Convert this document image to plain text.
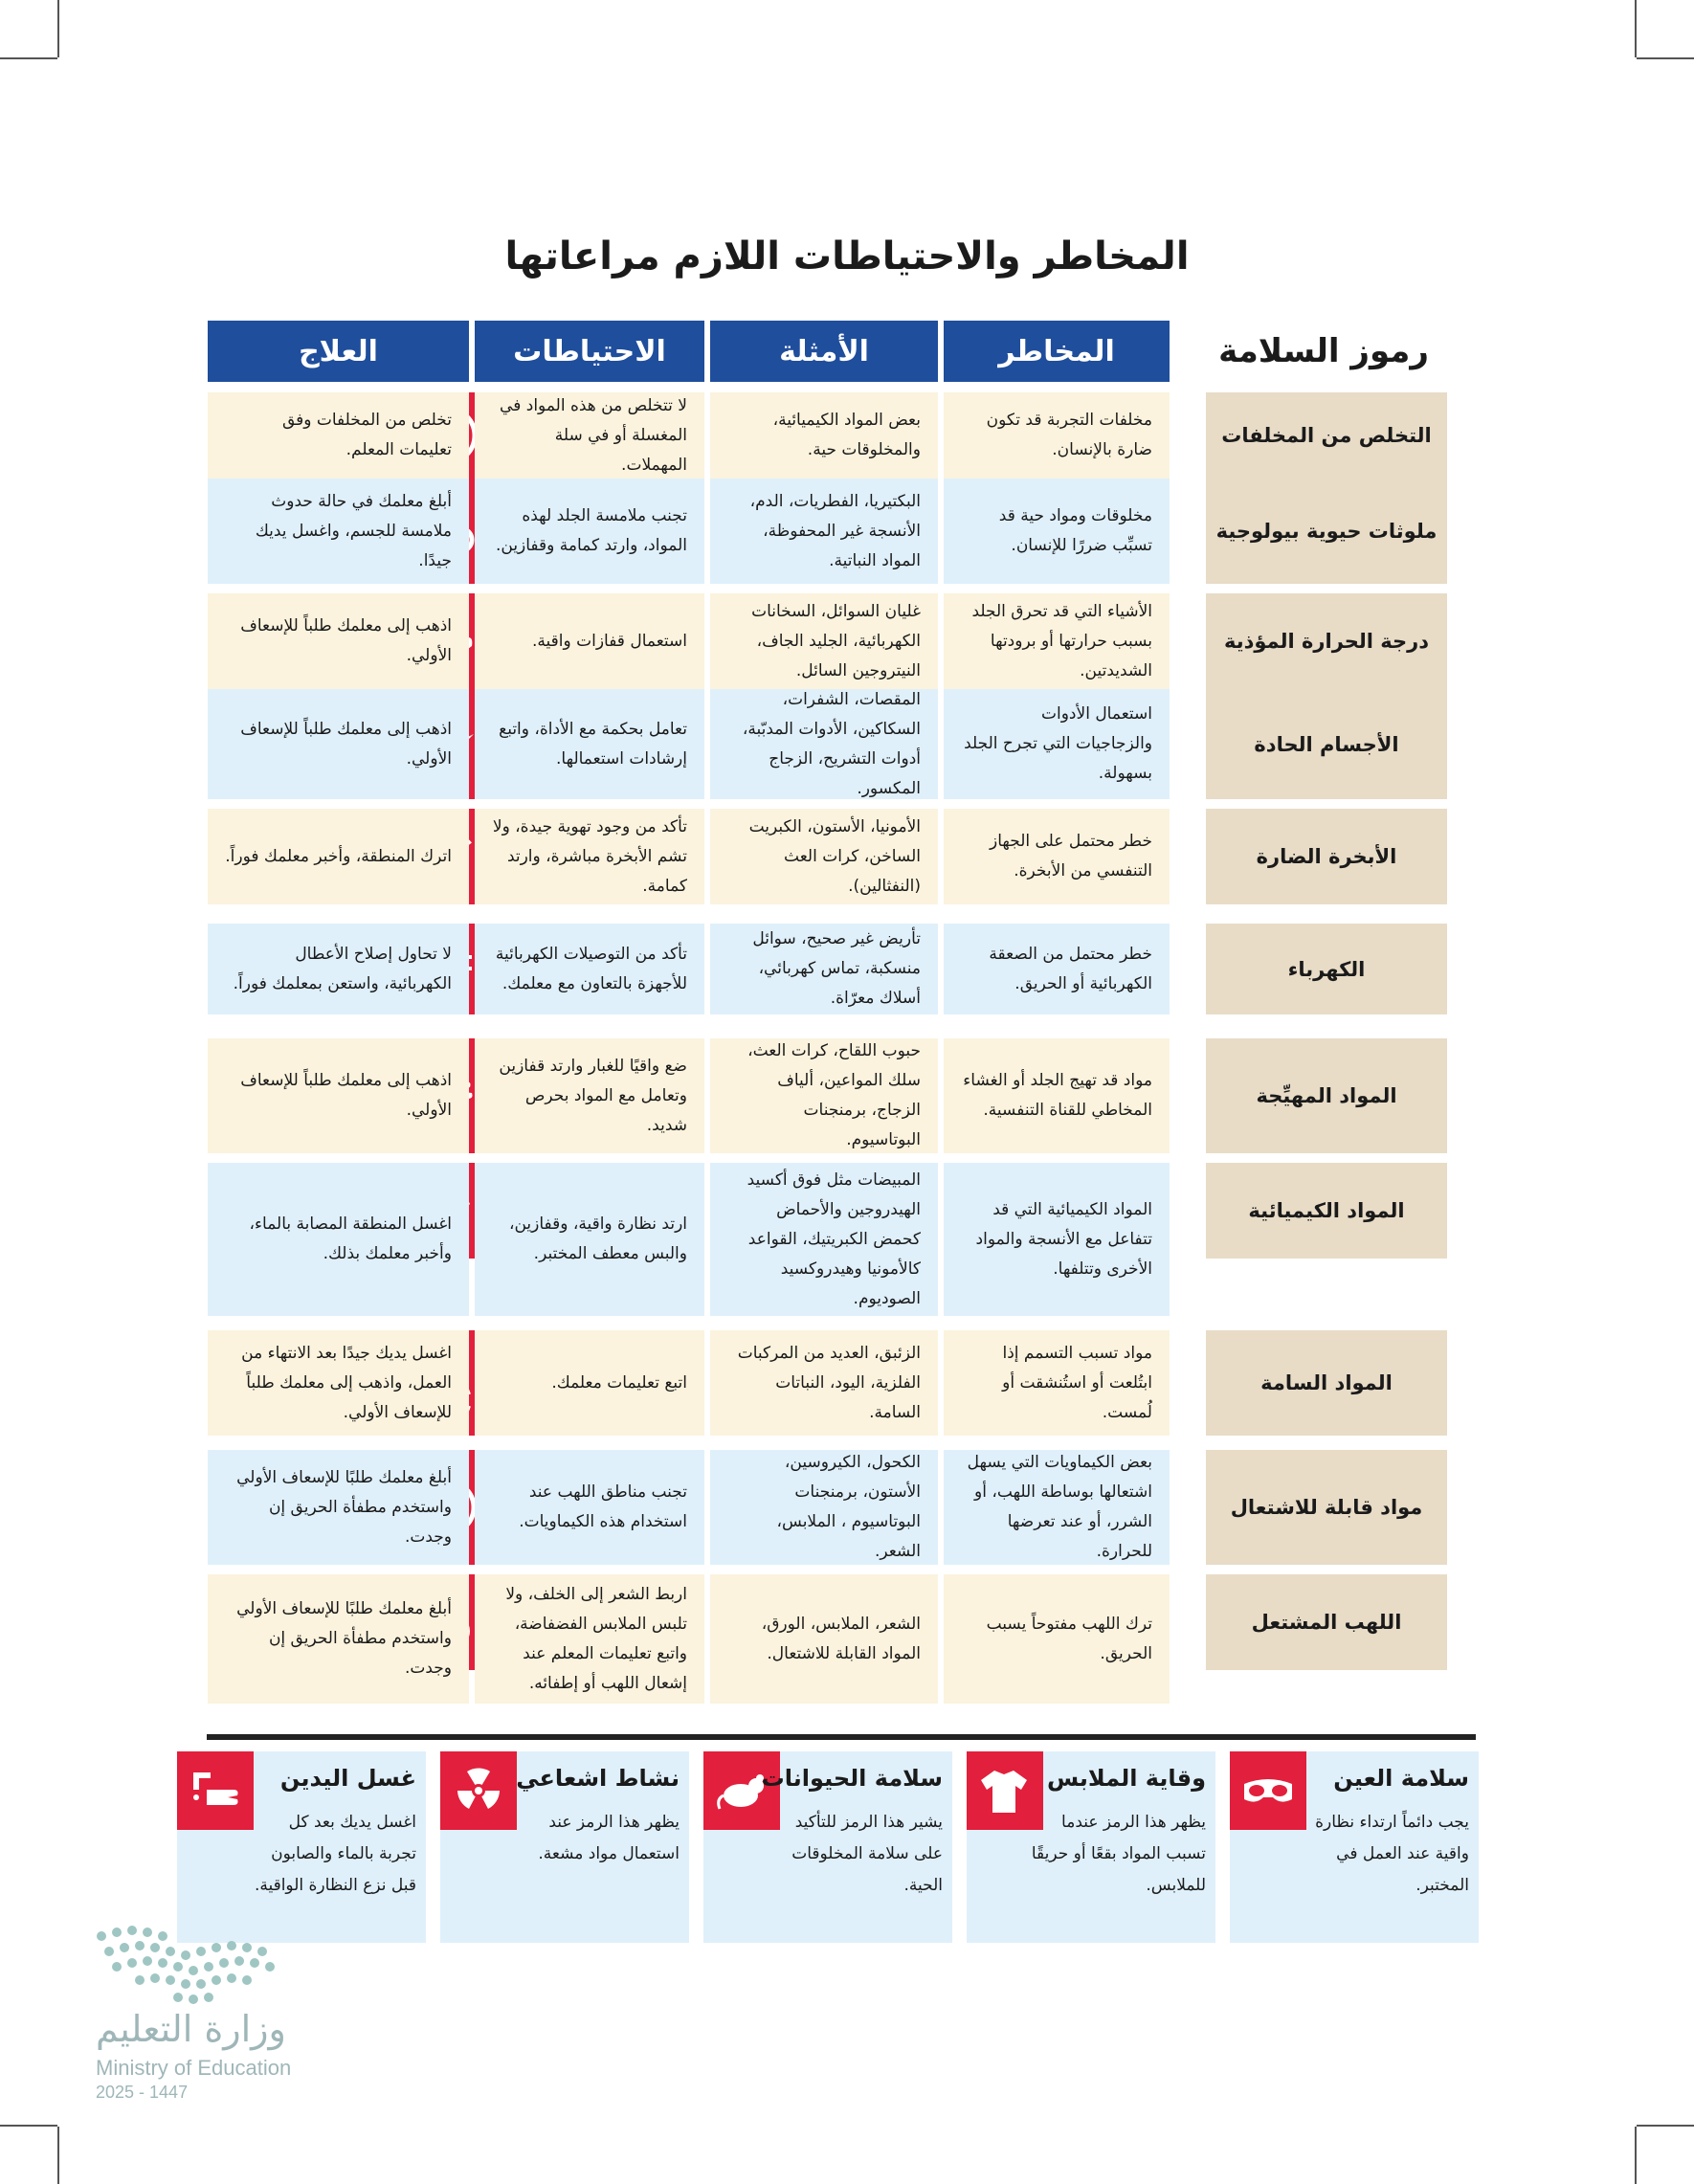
المخاطر والاحتياطات اللازم مراعاتها
رموز السلامة
المخاطر
الأمثلة
الاحتياطات
العلاج
التخلص من المخلفات
مخلفات التجربة قد تكون ضارة بالإنسان.
بعض المواد الكيميائية، والمخلوقات حية.
لا تتخلص من هذه المواد في المغسلة أو في سلة المهملات.
تخلص من المخلفات وفق تعليمات المعلم.
ملوثات حيوية بيولوجية
مخلوقات ومواد حية قد تسبِّب ضررًا للإنسان.
البكتيريا، الفطريات، الدم، الأنسجة غير المحفوظة، المواد النباتية.
تجنب ملامسة الجلد لهذه المواد، وارتد كمامة وقفازين.
أبلغ معلمك في حالة حدوث ملامسة للجسم، واغسل يديك جيدًا.
درجة الحرارة المؤذية
الأشياء التي قد تحرق الجلد بسبب حرارتها أو برودتها الشديدتين.
غليان السوائل، السخانات الكهربائية، الجليد الجاف، النيتروجين السائل.
استعمال قفازات واقية.
اذهب إلى معلمك طلباً للإسعاف الأولي.
الأجسام الحادة
استعمال الأدوات والزجاجيات التي تجرح الجلد بسهولة.
المقصات، الشفرات، السكاكين، الأدوات المدبّبة، أدوات التشريح، الزجاج المكسور.
تعامل بحكمة مع الأداة، واتبع إرشادات استعمالها.
اذهب إلى معلمك طلباً للإسعاف الأولي.
الأبخرة الضارة
خطر محتمل على الجهاز التنفسي من الأبخرة.
الأمونيا، الأستون، الكبريت الساخن، كرات العث (النفثالين).
تأكد من وجود تهوية جيدة، ولا تشم الأبخرة مباشرة، وارتد كمامة.
اترك المنطقة، وأخبر معلمك فوراً.
الكهرباء
خطر محتمل من الصعقة الكهربائية أو الحريق.
تأريض غير صحيح، سوائل منسكبة، تماس كهربائي، أسلاك معرّاة.
تأكد من التوصيلات الكهربائية للأجهزة بالتعاون مع معلمك.
لا تحاول إصلاح الأعطال الكهربائية، واستعن بمعلمك فوراً.
المواد المهيِّجة
مواد قد تهيج الجلد أو الغشاء المخاطي للقناة التنفسية.
حبوب اللقاح، كرات العث، سلك المواعين، ألياف الزجاج، برمنجنات البوتاسيوم.
ضع واقيًا للغبار وارتد قفازين وتعامل مع المواد بحرص شديد.
اذهب إلى معلمك طلباً للإسعاف الأولي.
المواد الكيميائية
المواد الكيميائية التي قد تتفاعل مع الأنسجة والمواد الأخرى وتتلفها.
المبيضات مثل فوق أكسيد الهيدروجين والأحماض كحمض الكبريتيك، القواعد كالأمونيا وهيدروكسيد الصوديوم.
ارتد نظارة واقية، وقفازين، والبس معطف المختبر.
اغسل المنطقة المصابة بالماء، وأخبر معلمك بذلك.
المواد السامة
مواد تسبب التسمم إذا ابتُلعت أو استُنشقت أو لُمست.
الزئبق، العديد من المركبات الفلزية، اليود، النباتات السامة.
اتبع تعليمات معلمك.
اغسل يديك جيدًا بعد الانتهاء من العمل، واذهب إلى معلمك طلباً للإسعاف الأولي.
مواد قابلة للاشتعال
بعض الكيماويات التي يسهل اشتعالها بوساطة اللهب، أو الشرر، أو عند تعرضها للحرارة.
الكحول، الكيروسين، الأستون، برمنجنات البوتاسيوم ، الملابس، الشعر.
تجنب مناطق اللهب عند استخدام هذه الكيماويات.
أبلغ معلمك طلبًا للإسعاف الأولي واستخدم مطفأة الحريق إن وجدت.
اللهب المشتعل
ترك اللهب مفتوحاً يسبب الحريق.
الشعر، الملابس، الورق، المواد القابلة للاشتعال.
اربط الشعر إلى الخلف، ولا تلبس الملابس الفضفاضة، واتبع تعليمات المعلم عند إشعال اللهب أو إطفائه.
أبلغ معلمك طلبًا للإسعاف الأولي واستخدم مطفأة الحريق إن وجدت.
سلامة العين
يجب دائماً ارتداء نظارة واقية عند العمل في المختبر.
وقاية الملابس
يظهر هذا الرمز عندما تسبب المواد بقعًا أو حريقًا للملابس.
سلامة الحيوانات
يشير هذا الرمز للتأكيد على سلامة المخلوقات الحية.
نشاط اشعاعي
يظهر هذا الرمز عند استعمال مواد مشعة.
غسل اليدين
اغسل يديك بعد كل تجربة بالماء والصابون قبل نزع النظارة الواقية.
وزارة التعليم
Ministry of Education
2025 - 1447
